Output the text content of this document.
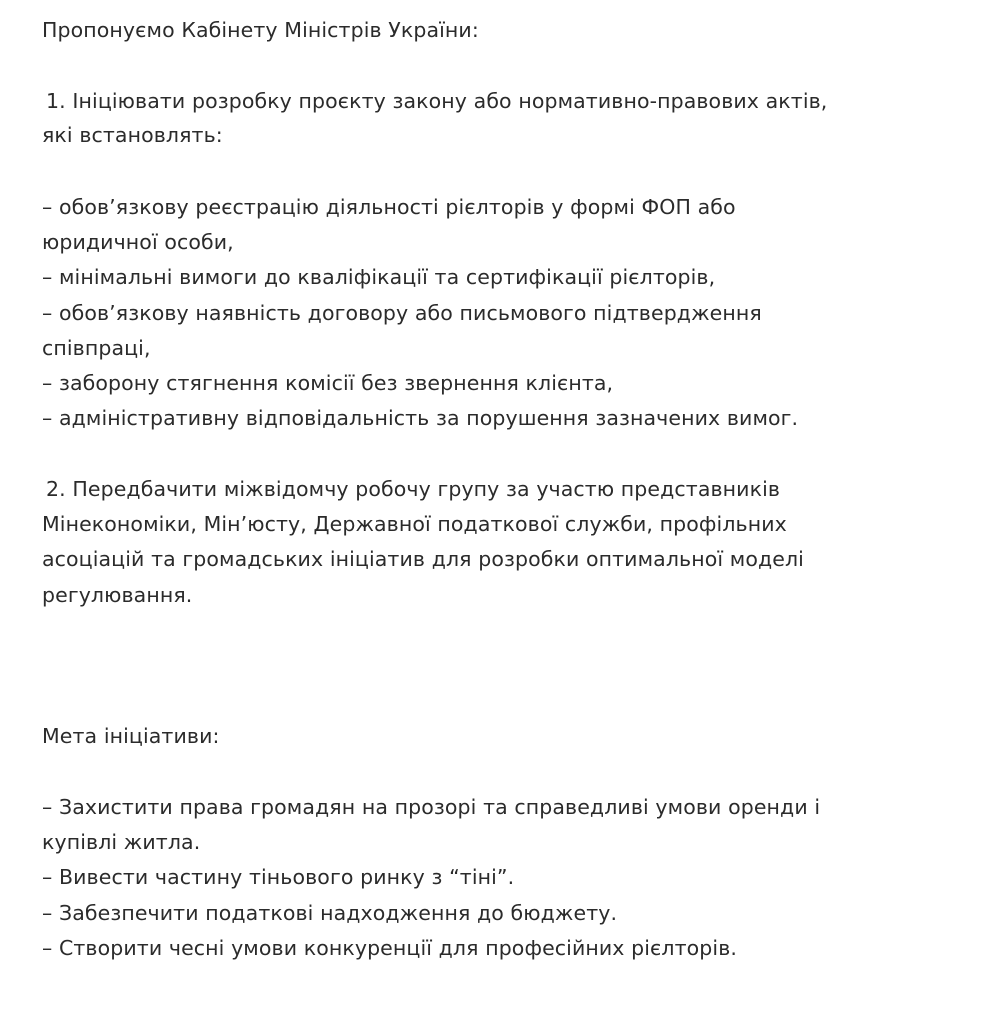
Пропонуємо Кабінету Міністрів України:
1. Ініціювати розробку проєкту закону або нормативно-правових актів,
які встановлять:
– обов’язкову реєстрацію діяльності рієлторів у формі ФОП або
юридичної особи,
– мінімальні вимоги до кваліфікації та сертифікації рієлторів,
– обов’язкову наявність договору або письмового підтвердження
співпраці,
– заборону стягнення комісії без звернення клієнта,
– адміністративну відповідальність за порушення зазначених вимог.
2. Передбачити міжвідомчу робочу групу за участю представників
Мінекономіки, Мін’юсту, Державної податкової служби, профільних
асоціацій та громадських ініціатив для розробки оптимальної моделі
регулювання.
Мета ініціативи:
– Захистити права громадян на прозорі та справедливі умови оренди і
купівлі житла.
– Вивести частину тіньового ринку з “тіні”.
– Забезпечити податкові надходження до бюджету.
– Створити чесні умови конкуренції для професійних рієлторів.
